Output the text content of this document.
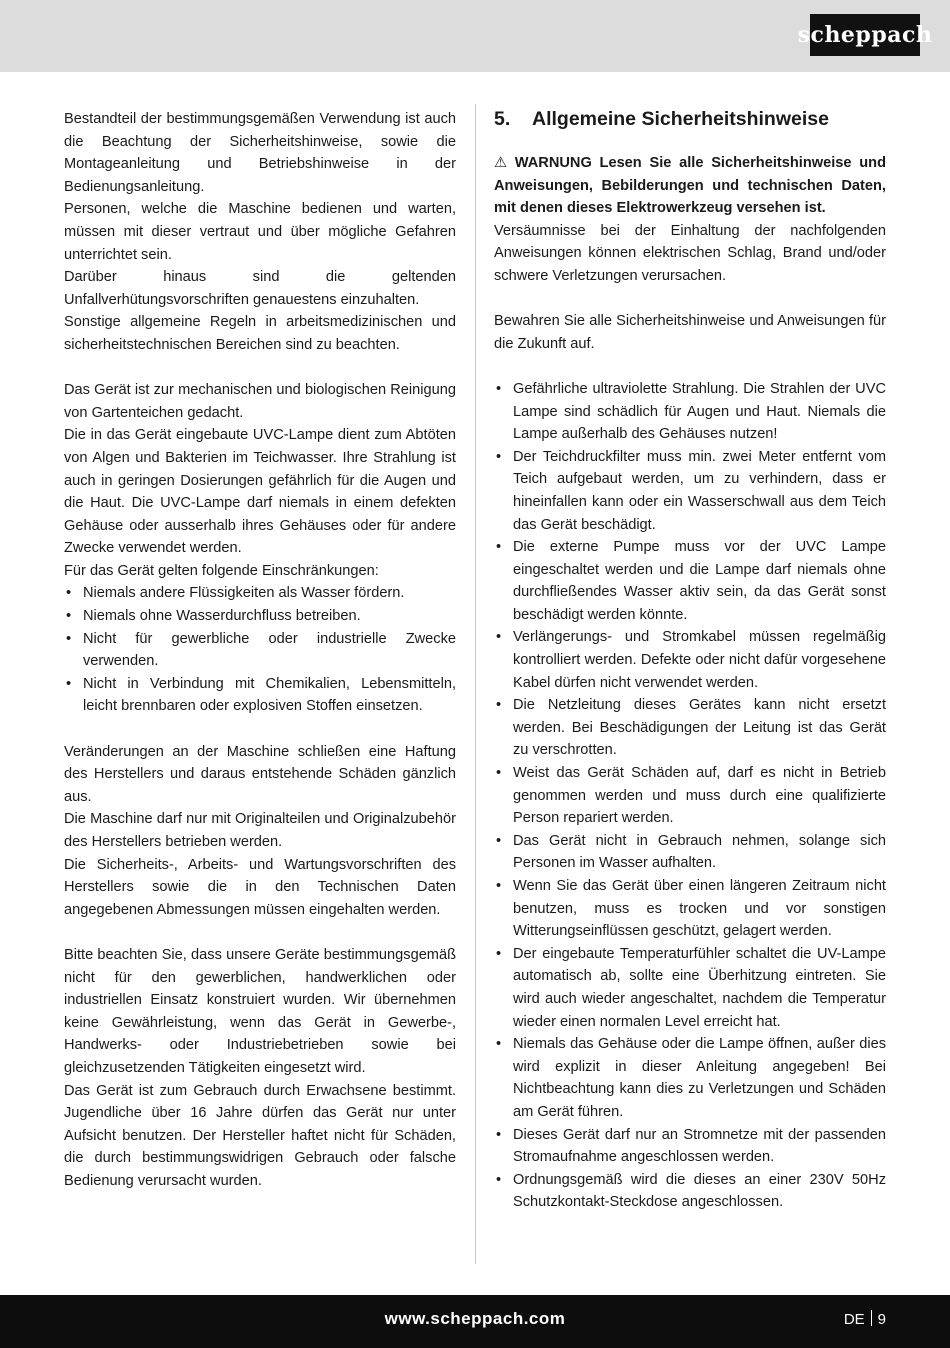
scheppach

Bestandteil der bestimmungsgemäßen Verwendung ist auch die Beachtung der Sicherheitshinweise, sowie die Montageanleitung und Betriebshinweise in der Bedienungsanleitung.

Personen, welche die Maschine bedienen und warten, müssen mit dieser vertraut und über mögliche Gefahren unterrichtet sein.

Darüber hinaus sind die geltenden Unfallverhütungsvorschriften genauestens einzuhalten.

Sonstige allgemeine Regeln in arbeitsmedizinischen und sicherheitstechnischen Bereichen sind zu beachten.

Das Gerät ist zur mechanischen und biologischen Reinigung von Gartenteichen gedacht.

Die in das Gerät eingebaute UVC-Lampe dient zum Abtöten von Algen und Bakterien im Teichwasser. Ihre Strahlung ist auch in geringen Dosierungen gefährlich für die Augen und die Haut. Die UVC-Lampe darf niemals in einem defekten Gehäuse oder ausserhalb ihres Gehäuses oder für andere Zwecke verwendet werden.

Für das Gerät gelten folgende Einschränkungen:

• Niemals andere Flüssigkeiten als Wasser fördern.
• Niemals ohne Wasserdurchfluss betreiben.
• Nicht für gewerbliche oder industrielle Zwecke verwenden.
• Nicht in Verbindung mit Chemikalien, Lebensmitteln, leicht brennbaren oder explosiven Stoffen einsetzen.

Veränderungen an der Maschine schließen eine Haftung des Herstellers und daraus entstehende Schäden gänzlich aus.

Die Maschine darf nur mit Originalteilen und Originalzubehör des Herstellers betrieben werden.

Die Sicherheits-, Arbeits- und Wartungsvorschriften des Herstellers sowie die in den Technischen Daten angegebenen Abmessungen müssen eingehalten werden.

Bitte beachten Sie, dass unsere Geräte bestimmungsgemäß nicht für den gewerblichen, handwerklichen oder industriellen Einsatz konstruiert wurden. Wir übernehmen keine Gewährleistung, wenn das Gerät in Gewerbe-, Handwerks- oder Industriebetrieben sowie bei gleichzusetzenden Tätigkeiten eingesetzt wird.

Das Gerät ist zum Gebrauch durch Erwachsene bestimmt. Jugendliche über 16 Jahre dürfen das Gerät nur unter Aufsicht benutzen. Der Hersteller haftet nicht für Schäden, die durch bestimmungswidrigen Gebrauch oder falsche Bedienung verursacht wurden.

5. Allgemeine Sicherheitshinweise

⚠ WARNUNG Lesen Sie alle Sicherheitshinweise und Anweisungen, Bebilderungen und technischen Daten, mit denen dieses Elektrowerkzeug versehen ist.

Versäumnisse bei der Einhaltung der nachfolgenden Anweisungen können elektrischen Schlag, Brand und/oder schwere Verletzungen verursachen.

Bewahren Sie alle Sicherheitshinweise und Anweisungen für die Zukunft auf.

• Gefährliche ultraviolette Strahlung. Die Strahlen der UVC Lampe sind schädlich für Augen und Haut. Niemals die Lampe außerhalb des Gehäuses nutzen!
• Der Teichdruckfilter muss min. zwei Meter entfernt vom Teich aufgebaut werden, um zu verhindern, dass er hineinfallen kann oder ein Wasserschwall aus dem Teich das Gerät beschädigt.
• Die externe Pumpe muss vor der UVC Lampe eingeschaltet werden und die Lampe darf niemals ohne durchfließendes Wasser aktiv sein, da das Gerät sonst beschädigt werden könnte.
• Verlängerungs- und Stromkabel müssen regelmäßig kontrolliert werden. Defekte oder nicht dafür vorgesehene Kabel dürfen nicht verwendet werden.
• Die Netzleitung dieses Gerätes kann nicht ersetzt werden. Bei Beschädigungen der Leitung ist das Gerät zu verschrotten.
• Weist das Gerät Schäden auf, darf es nicht in Betrieb genommen werden und muss durch eine qualifizierte Person repariert werden.
• Das Gerät nicht in Gebrauch nehmen, solange sich Personen im Wasser aufhalten.
• Wenn Sie das Gerät über einen längeren Zeitraum nicht benutzen, muss es trocken und vor sonstigen Witterungseinflüssen geschützt, gelagert werden.
• Der eingebaute Temperaturfühler schaltet die UV-Lampe automatisch ab, sollte eine Überhitzung eintreten. Sie wird auch wieder angeschaltet, nachdem die Temperatur wieder einen normalen Level erreicht hat.
• Niemals das Gehäuse oder die Lampe öffnen, außer dies wird explizit in dieser Anleitung angegeben! Bei Nichtbeachtung kann dies zu Verletzungen und Schäden am Gerät führen.
• Dieses Gerät darf nur an Stromnetze mit der passenden Stromaufnahme angeschlossen werden.
• Ordnungsgemäß wird die dieses an einer 230V 50Hz Schutzkontakt-Steckdose angeschlossen.
www.scheppach.com	DE 9
